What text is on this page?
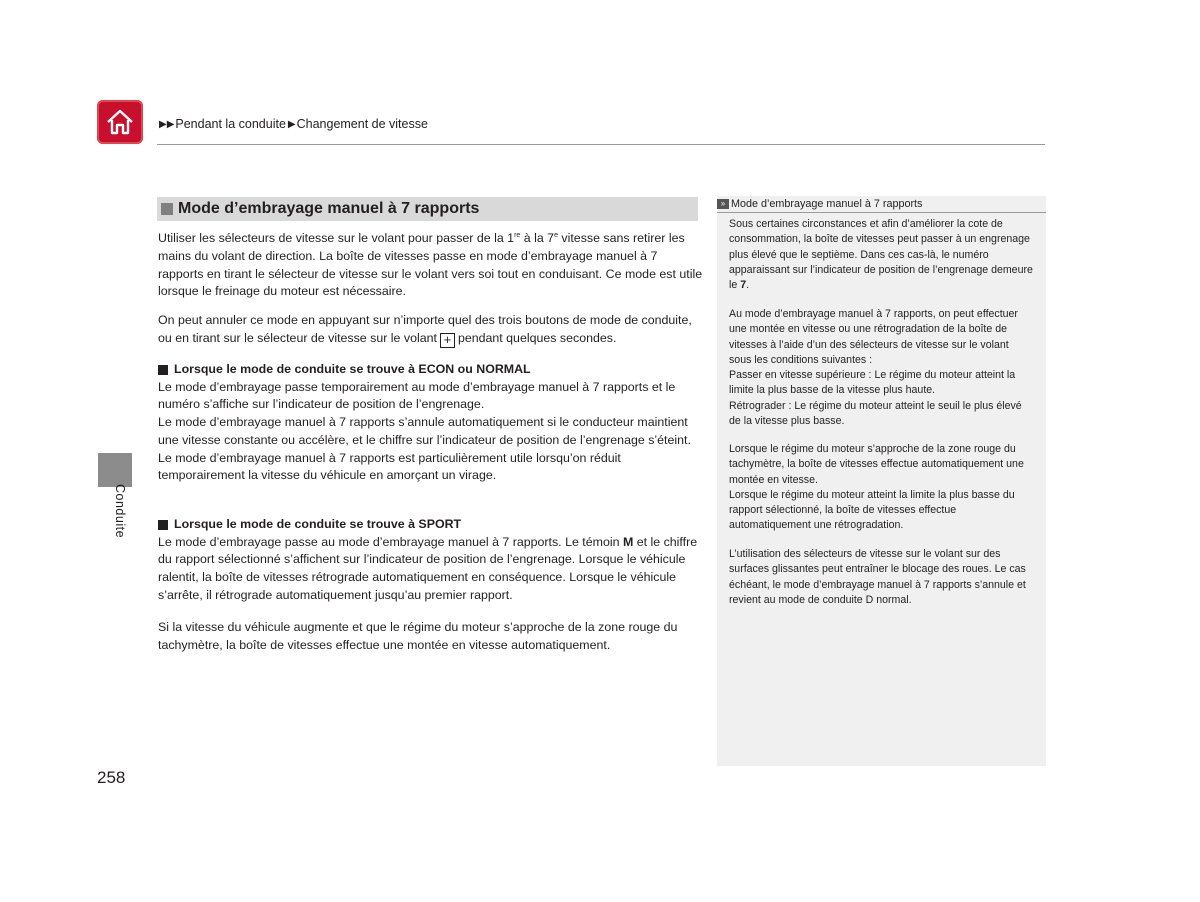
▶▶ Pendant la conduite ▶ Changement de vitesse
Conduite
Mode d’embrayage manuel à 7 rapports

Utiliser les sélecteurs de vitesse sur le volant pour passer de la 1re à la 7e vitesse sans retirer les mains du volant de direction. La boîte de vitesses passe en mode d’embrayage manuel à 7 rapports en tirant le sélecteur de vitesse sur le volant vers soi tout en conduisant. Ce mode est utile lorsque le freinage du moteur est nécessaire.

On peut annuler ce mode en appuyant sur n’importe quel des trois boutons de mode de conduite, ou en tirant sur le sélecteur de vitesse sur le volant + pendant quelques secondes.

Lorsque le mode de conduite se trouve à ECON ou NORMAL

Le mode d’embrayage passe temporairement au mode d’embrayage manuel à 7 rapports et le numéro s’affiche sur l’indicateur de position de l’engrenage.

Le mode d’embrayage manuel à 7 rapports s’annule automatiquement si le conducteur maintient une vitesse constante ou accélère, et le chiffre sur l’indicateur de position de l’engrenage s’éteint.

Le mode d’embrayage manuel à 7 rapports est particulièrement utile lorsqu’on réduit temporairement la vitesse du véhicule en amorçant un virage.

Lorsque le mode de conduite se trouve à SPORT

Le mode d’embrayage passe au mode d’embrayage manuel à 7 rapports. Le témoin M et le chiffre du rapport sélectionné s’affichent sur l’indicateur de position de l’engrenage. Lorsque le véhicule ralentit, la boîte de vitesses rétrograde automatiquement en conséquence. Lorsque le véhicule s’arrête, il rétrograde automatiquement jusqu’au premier rapport.

Si la vitesse du véhicule augmente et que le régime du moteur s’approche de la zone rouge du tachymètre, la boîte de vitesses effectue une montée en vitesse automatiquement.
» Mode d’embrayage manuel à 7 rapports

Sous certaines circonstances et afin d’améliorer la cote de consommation, la boîte de vitesses peut passer à un engrenage plus élevé que le septième. Dans ces cas-là, le numéro apparaissant sur l’indicateur de position de l’engrenage demeure le 7.

Au mode d’embrayage manuel à 7 rapports, on peut effectuer une montée en vitesse ou une rétrogradation de la boîte de vitesses à l’aide d’un des sélecteurs de vitesse sur le volant sous les conditions suivantes :

Passer en vitesse supérieure : Le régime du moteur atteint la limite la plus basse de la vitesse plus haute.

Rétrograder : Le régime du moteur atteint le seuil le plus élevé de la vitesse plus basse.

Lorsque le régime du moteur s’approche de la zone rouge du tachymètre, la boîte de vitesses effectue automatiquement une montée en vitesse.

Lorsque le régime du moteur atteint la limite la plus basse du rapport sélectionné, la boîte de vitesses effectue automatiquement une rétrogradation.

L’utilisation des sélecteurs de vitesse sur le volant sur des surfaces glissantes peut entraîner le blocage des roues. Le cas échéant, le mode d’embrayage manuel à 7 rapports s’annule et revient au mode de conduite D normal.
258
